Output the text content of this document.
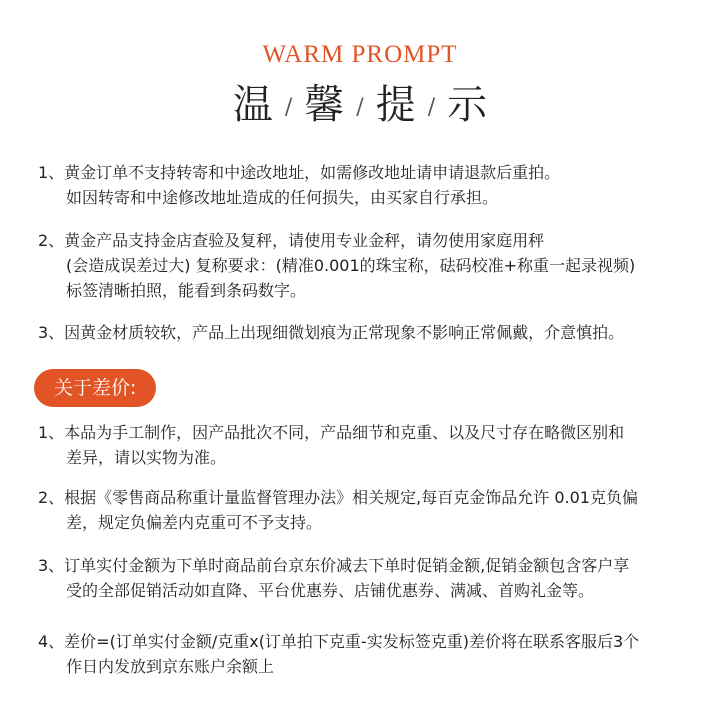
WARM PROMPT
温 / 馨 / 提 / 示
1、黄金订单不支持转寄和中途改地址，如需修改地址请申请退款后重拍。
如因转寄和中途修改地址造成的任何损失，由买家自行承担。
2、黄金产品支持金店查验及复秤，请使用专业金秤，请勿使用家庭用秤
(会造成误差过大) 复称要求：(精准0.001的珠宝称，砝码校准+称重一起录视频)
标签清晰拍照，能看到条码数字。
3、因黄金材质较软，产品上出现细微划痕为正常现象不影响正常佩戴，介意慎拍。
关于差价:
1、本品为手工制作，因产品批次不同，产品细节和克重、以及尺寸存在略微区别和
差异，请以实物为准。
2、根据《零售商品称重计量监督管理办法》相关规定,每百克金饰品允许 0.01克负偏
差，规定负偏差内克重可不予支持。
3、订单实付金额为下单时商品前台京东价减去下单时促销金额,促销金额包含客户享
受的全部促销活动如直降、平台优惠券、店铺优惠券、满减、首购礼金等。
4、差价=(订单实付金额/克重x(订单拍下克重-实发标签克重)差价将在联系客服后3个
作日内发放到京东账户余额上
